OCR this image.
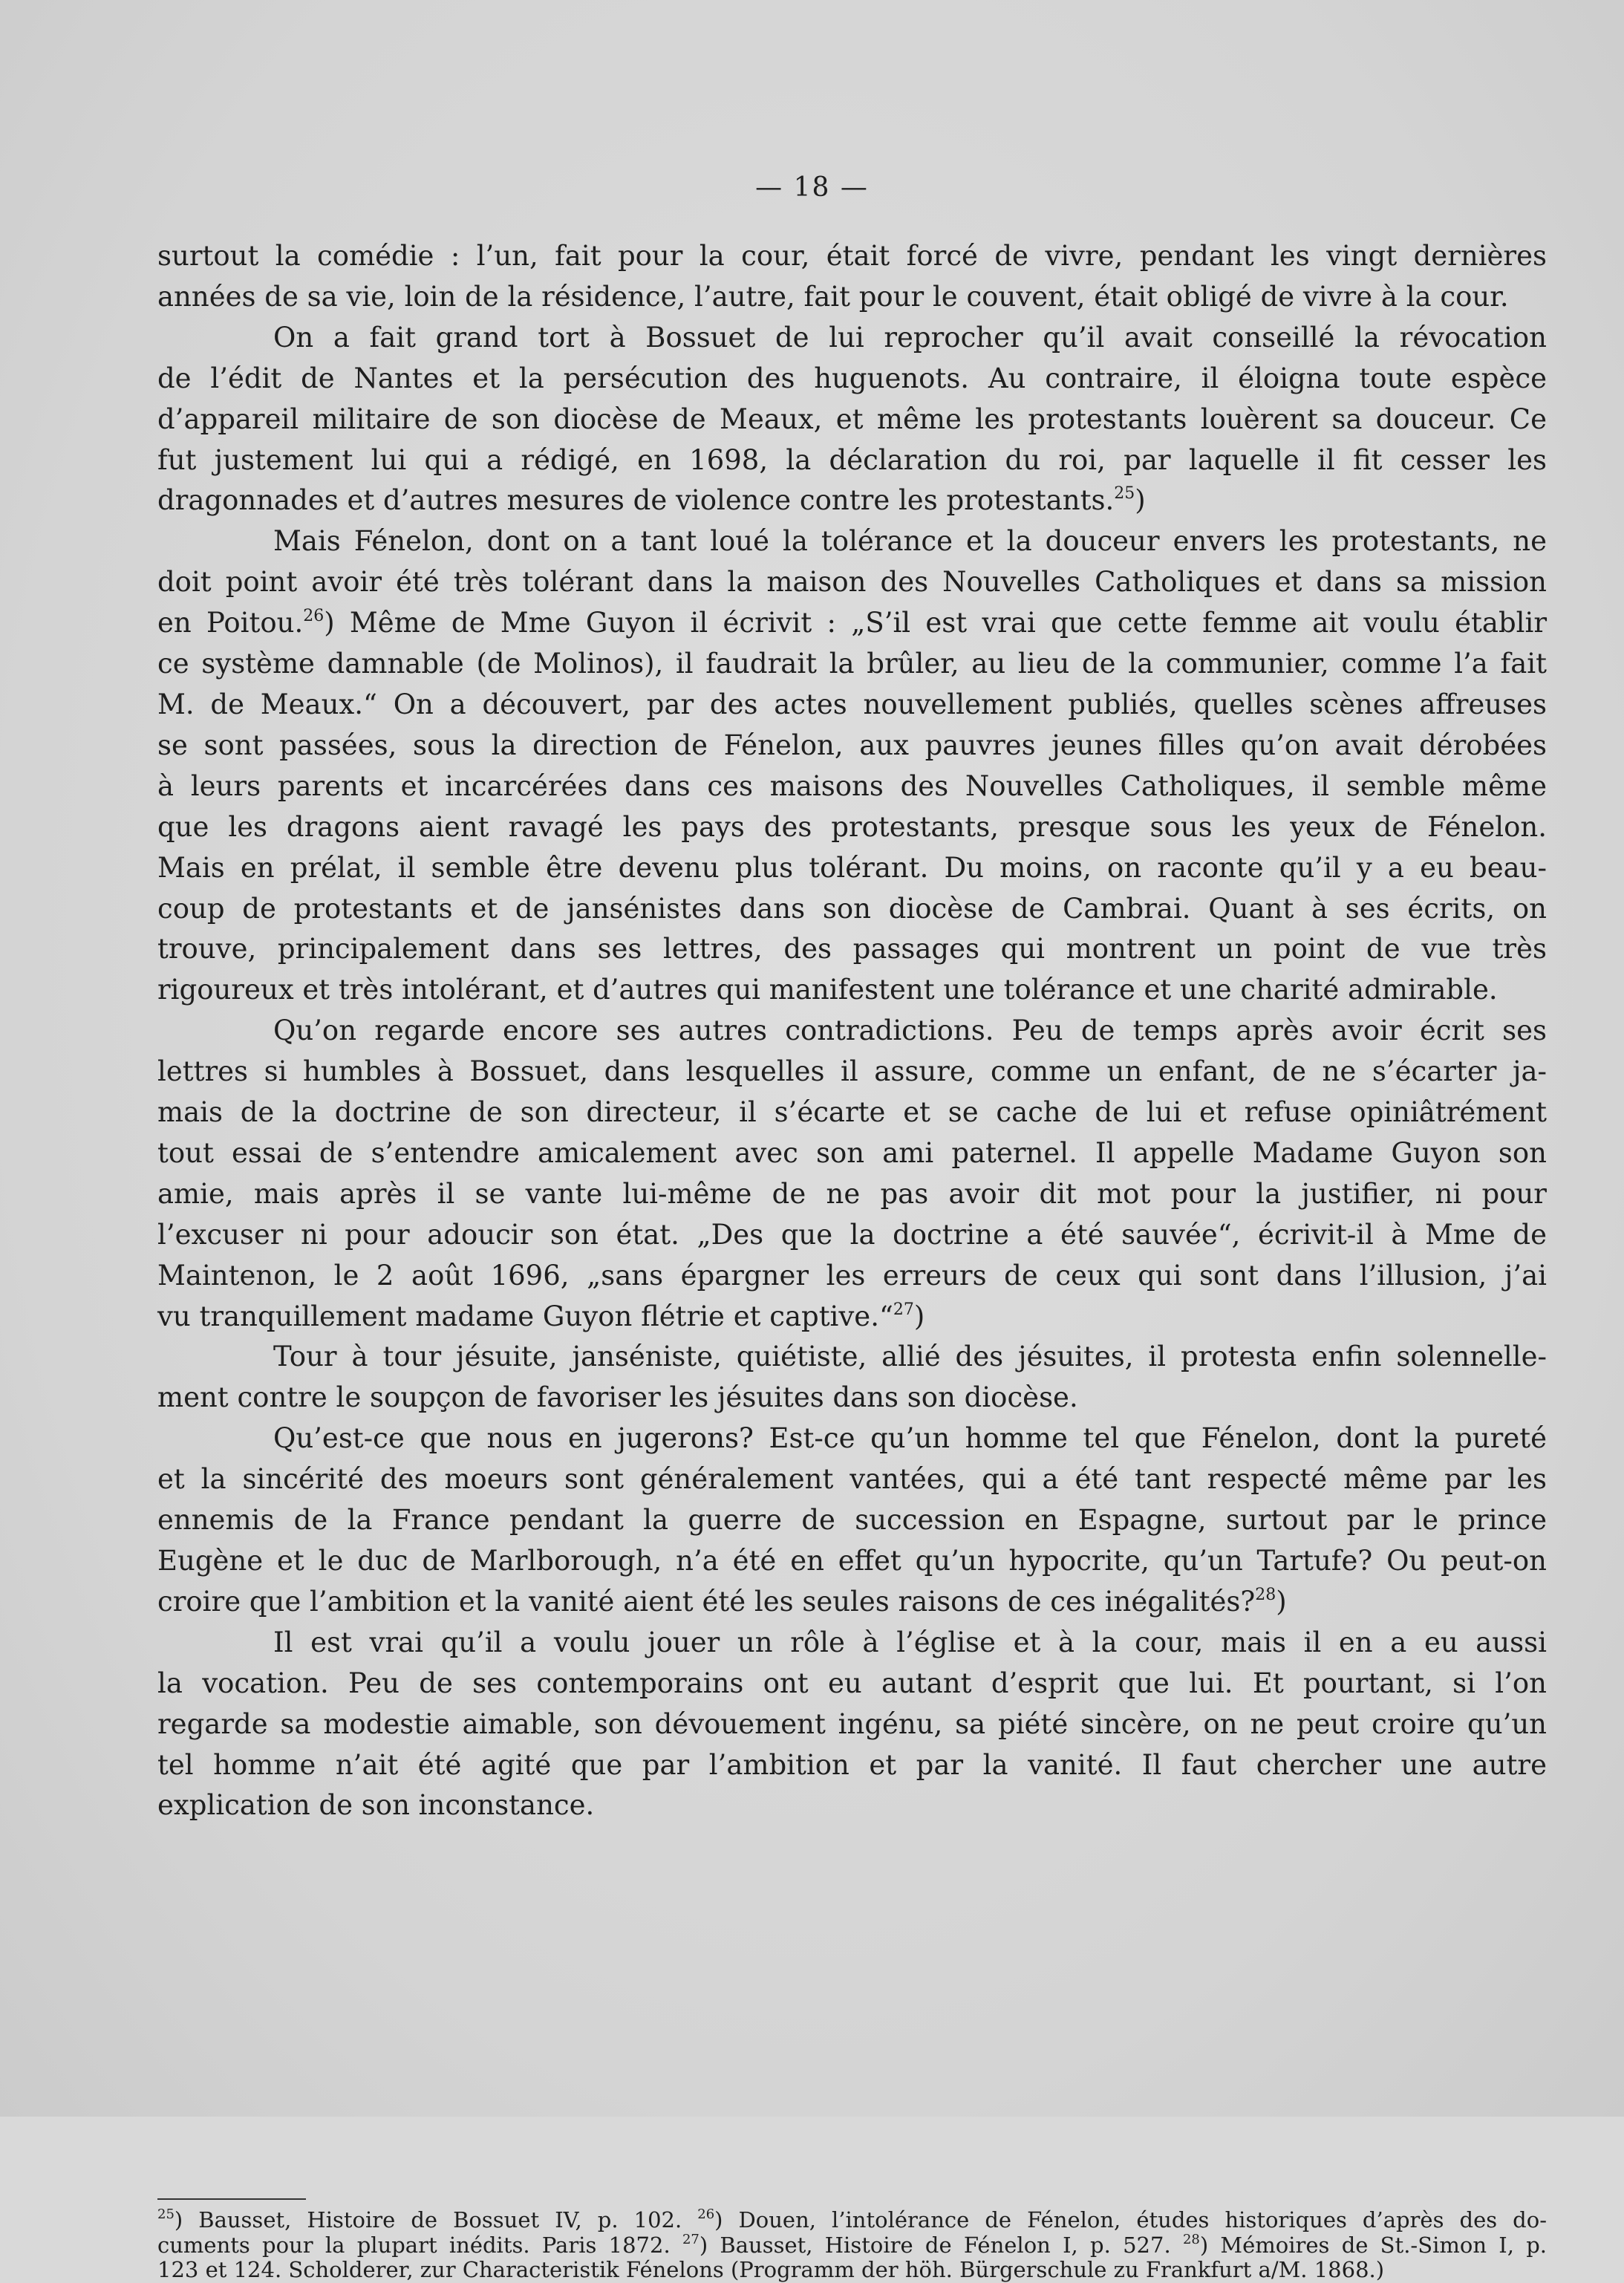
— 18 —

surtout la comédie : l’un, fait pour la cour, était forcé de vivre, pendant les vingt dernières

années de sa vie, loin de la résidence, l’autre, fait pour le couvent, était obligé de vivre à la cour.

On a fait grand tort à Bossuet de lui reprocher qu’il avait conseillé la révocation

de l’édit de Nantes et la persécution des huguenots. Au contraire, il éloigna toute espèce

d’appareil militaire de son diocèse de Meaux, et même les protestants louèrent sa douceur. Ce

fut justement lui qui a rédigé, en 1698, la déclaration du roi, par laquelle il fit cesser les

dragonnades et d’autres mesures de violence contre les protestants.$^{25}$)

Mais Fénelon, dont on a tant loué la tolérance et la douceur envers les protestants, ne

doit point avoir été très tolérant dans la maison des Nouvelles Catholiques et dans sa mission

en Poitou.$^{26}$) Même de Mme Guyon il écrivit : „S’il est vrai que cette femme ait voulu établir

ce système damnable (de Molinos), il faudrait la brûler, au lieu de la communier, comme l’a fait

M. de Meaux.“ On a découvert, par des actes nouvellement publiés, quelles scènes affreuses

se sont passées, sous la direction de Fénelon, aux pauvres jeunes filles qu’on avait dérobées

à leurs parents et incarcérées dans ces maisons des Nouvelles Catholiques, il semble même

que les dragons aient ravagé les pays des protestants, presque sous les yeux de Fénelon.

Mais en prélat, il semble être devenu plus tolérant. Du moins, on raconte qu’il y a eu beau-

coup de protestants et de jansénistes dans son diocèse de Cambrai. Quant à ses écrits, on

trouve, principalement dans ses lettres, des passages qui montrent un point de vue très

rigoureux et très intolérant, et d’autres qui manifestent une tolérance et une charité admirable.

Qu’on regarde encore ses autres contradictions. Peu de temps après avoir écrit ses

lettres si humbles à Bossuet, dans lesquelles il assure, comme un enfant, de ne s’écarter ja-

mais de la doctrine de son directeur, il s’écarte et se cache de lui et refuse opiniâtrément

tout essai de s’entendre amicalement avec son ami paternel. Il appelle Madame Guyon son

amie, mais après il se vante lui-même de ne pas avoir dit mot pour la justifier, ni pour

l’excuser ni pour adoucir son état. „Des que la doctrine a été sauvée“, écrivit-il à Mme de

Maintenon, le 2 août 1696, „sans épargner les erreurs de ceux qui sont dans l’illusion, j’ai

vu tranquillement madame Guyon flétrie et captive.“$^{27}$)

Tour à tour jésuite, janséniste, quiétiste, allié des jésuites, il protesta enfin solennelle-

ment contre le soupçon de favoriser les jésuites dans son diocèse.

Qu’est-ce que nous en jugerons? Est-ce qu’un homme tel que Fénelon, dont la pureté

et la sincérité des moeurs sont généralement vantées, qui a été tant respecté même par les

ennemis de la France pendant la guerre de succession en Espagne, surtout par le prince

Eugène et le duc de Marlborough, n’a été en effet qu’un hypocrite, qu’un Tartufe? Ou peut-on

croire que l’ambition et la vanité aient été les seules raisons de ces inégalités?$^{28}$)

Il est vrai qu’il a voulu jouer un rôle à l’église et à la cour, mais il en a eu aussi

la vocation. Peu de ses contemporains ont eu autant d’esprit que lui. Et pourtant, si l’on

regarde sa modestie aimable, son dévouement ingénu, sa piété sincère, on ne peut croire qu’un

tel homme n’ait été agité que par l’ambition et par la vanité. Il faut chercher une autre

explication de son inconstance.

$^{25}$) Bausset, Histoire de Bossuet IV, p. 102. $^{26}$) Douen, l’intolérance de Fénelon, études historiques d’après des do-

cuments pour la plupart inédits. Paris 1872. $^{27}$) Bausset, Histoire de Fénelon I, p. 527. $^{28}$) Mémoires de St.-Simon I, p.

123 et 124. Scholderer, zur Characteristik Fénelons (Programm der höh. Bürgerschule zu Frankfurt a/M. 1868.)
